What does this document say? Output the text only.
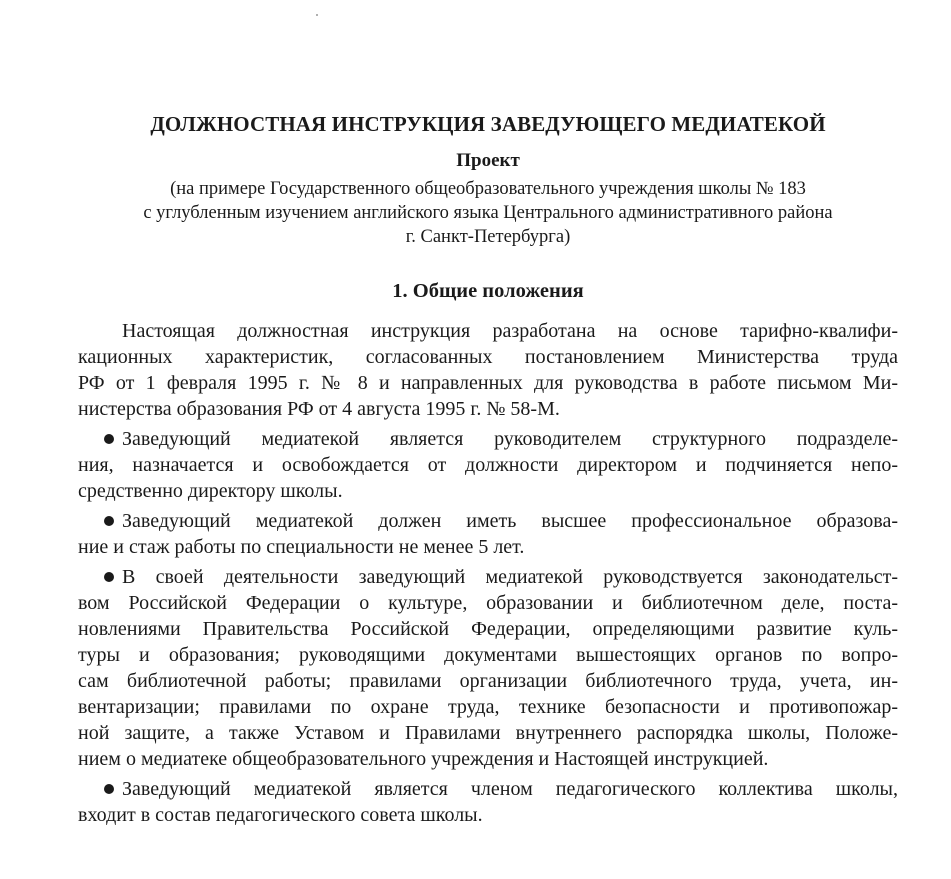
ДОЛЖНОСТНАЯ ИНСТРУКЦИЯ ЗАВЕДУЮЩЕГО МЕДИАТЕКОЙ
Проект
(на примере Государственного общеобразовательного учреждения школы № 183
с углубленным изучением английского языка Центрального административного района
г. Санкт-Петербурга)
1. Общие положения
Настоящая должностная инструкция разработана на основе тарифно-квалифи-
кационных характеристик, согласованных постановлением Министерства труда
РФ от 1 февраля 1995 г. № 8 и направленных для руководства в работе письмом Ми-
нистерства образования РФ от 4 августа 1995 г. № 58-М.
Заведующий медиатекой является руководителем структурного подразделе-
ния, назначается и освобождается от должности директором и подчиняется непо-
средственно директору школы.
Заведующий медиатекой должен иметь высшее профессиональное образова-
ние и стаж работы по специальности не менее 5 лет.
В своей деятельности заведующий медиатекой руководствуется законодательст-
вом Российской Федерации о культуре, образовании и библиотечном деле, поста-
новлениями Правительства Российской Федерации, определяющими развитие куль-
туры и образования; руководящими документами вышестоящих органов по вопро-
сам библиотечной работы; правилами организации библиотечного труда, учета, ин-
вентаризации; правилами по охране труда, технике безопасности и противопожар-
ной защите, а также Уставом и Правилами внутреннего распорядка школы, Положе-
нием о медиатеке общеобразовательного учреждения и Настоящей инструкцией.
Заведующий медиатекой является членом педагогического коллектива школы,
входит в состав педагогического совета школы.
